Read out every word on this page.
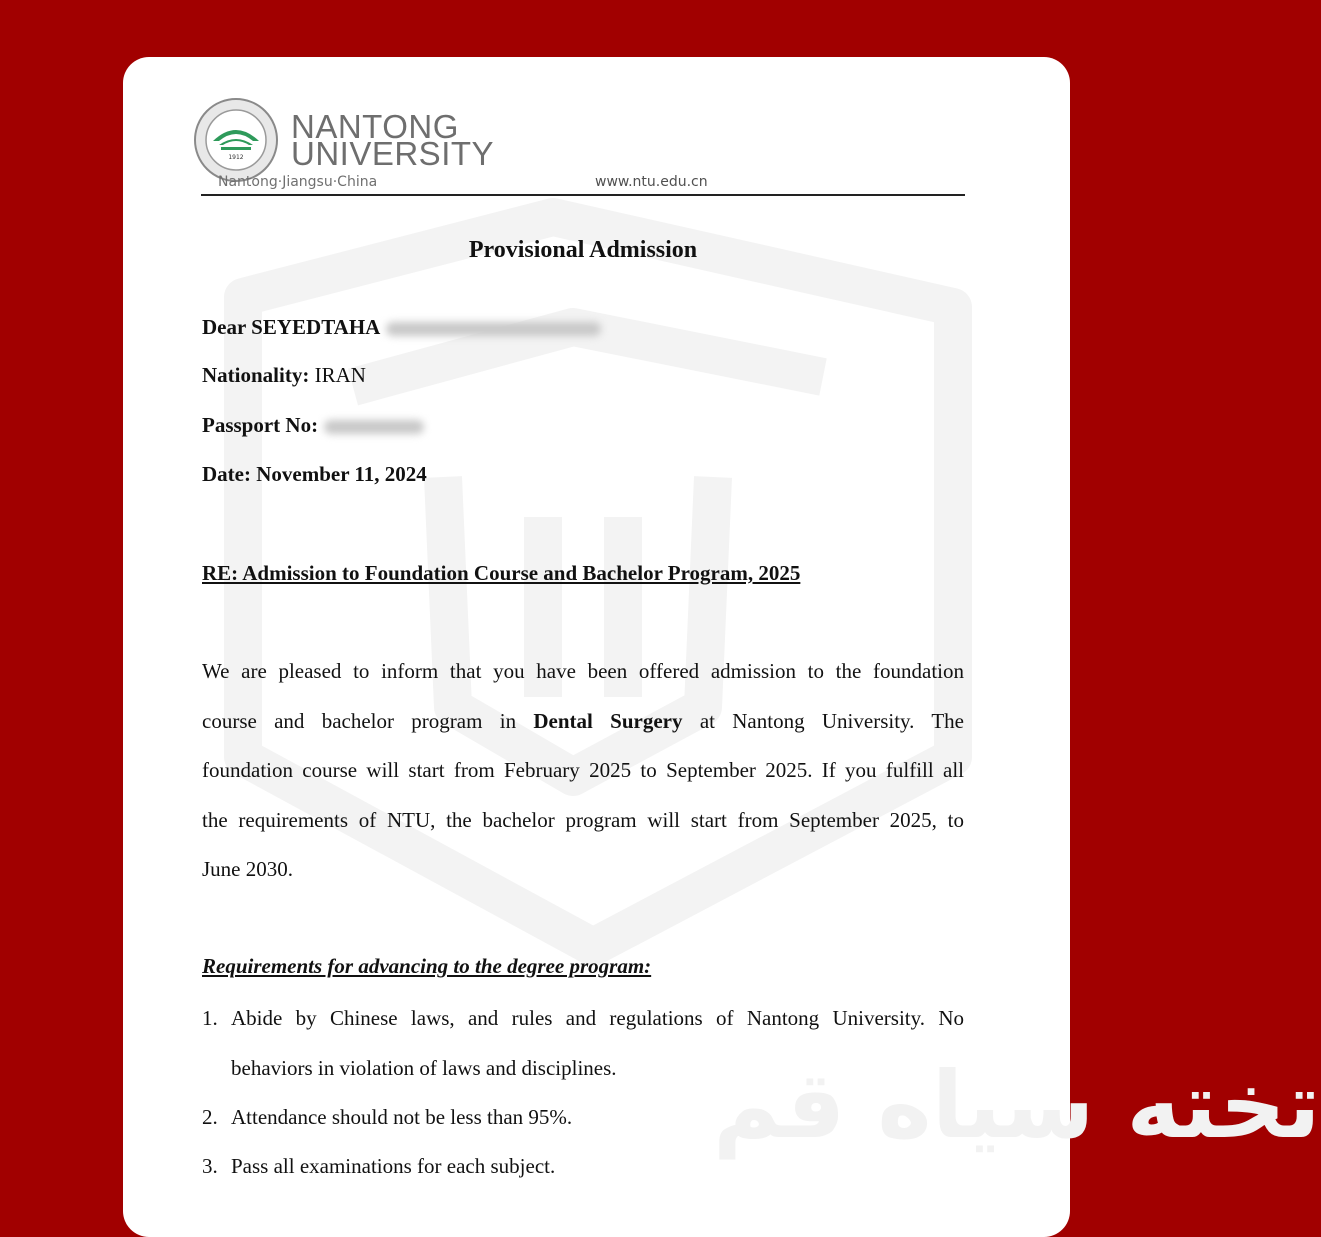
تخته سیاه قم
1912
NANTONG
UNIVERSITY
Nantong·Jiangsu·China	www.ntu.edu.cn
Provisional Admission
Dear SEYEDTAHA
Nationality: IRAN
Passport No:
Date: November 11, 2024
RE: Admission to Foundation Course and Bachelor Program, 2025
We are pleased to inform that you have been offered admission to the foundation
course and bachelor program in Dental Surgery at Nantong University. The
foundation course will start from February 2025 to September 2025. If you fulfill all
the requirements of NTU, the bachelor program will start from September 2025, to
June 2030.
Requirements for advancing to the degree program:
1. Abide by Chinese laws, and rules and regulations of Nantong University. No
behaviors in violation of laws and disciplines.
2. Attendance should not be less than 95%.
3. Pass all examinations for each subject.
